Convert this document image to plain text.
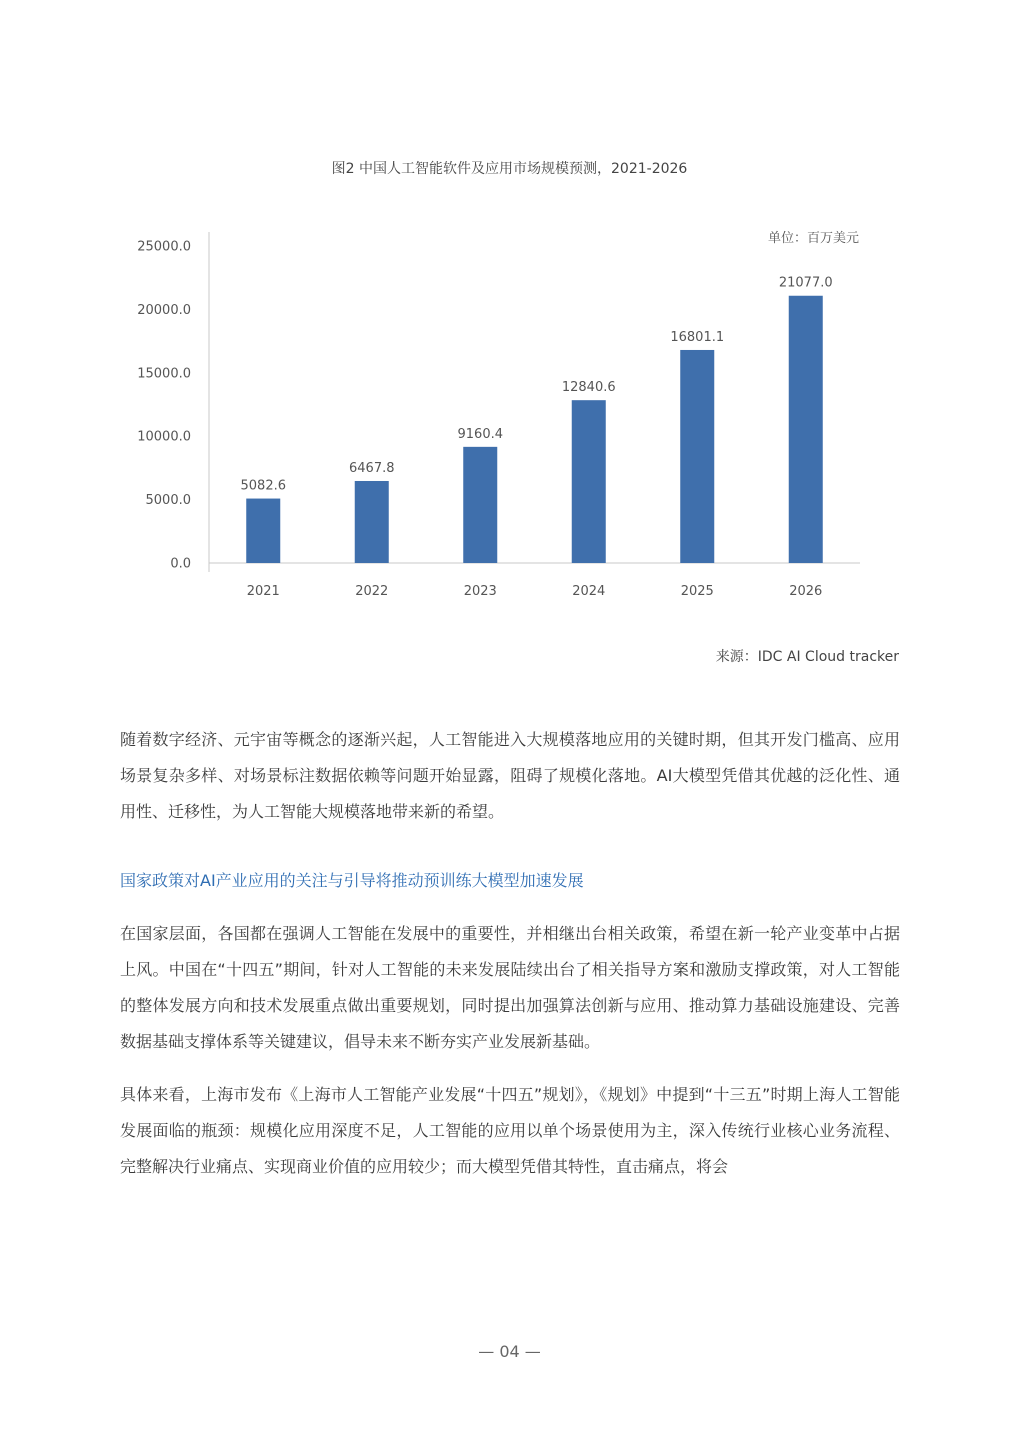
图2 中国人工智能软件及应用市场规模预测，2021-2026
0.0
5000.0
10000.0
15000.0
20000.0
25000.0
2021	2022	2023	2024	2025	2026
5082.6
6467.8
9160.4
12840.6
16801.1
21077.0
单位：百万美元
来源：IDC AI Cloud tracker

随着数字经济、元宇宙等概念的逐渐兴起，人工智能进入大规模落地应用的关键时期，但其开发门槛高、应用场景复杂多样、对场景标注数据依赖等问题开始显露，阻碍了规模化落地。AI大模型凭借其优越的泛化性、通用性、迁移性，为人工智能大规模落地带来新的希望。

国家政策对AI产业应用的关注与引导将推动预训练大模型加速发展

在国家层面，各国都在强调人工智能在发展中的重要性，并相继出台相关政策，希望在新一轮产业变革中占据上风。中国在“十四五”期间，针对人工智能的未来发展陆续出台了相关指导方案和激励支撑政策，对人工智能的整体发展方向和技术发展重点做出重要规划，同时提出加强算法创新与应用、推动算力基础设施建设、完善数据基础支撑体系等关键建议，倡导未来不断夯实产业发展新基础。

具体来看，上海市发布《上海市人工智能产业发展“十四五”规划》，《规划》中提到“十三五”时期上海人工智能发展面临的瓶颈：规模化应用深度不足，人工智能的应用以单个场景使用为主，深入传统行业核心业务流程、完整解决行业痛点、实现商业价值的应用较少；而大模型凭借其特性，直击痛点，将会

— 04 —
